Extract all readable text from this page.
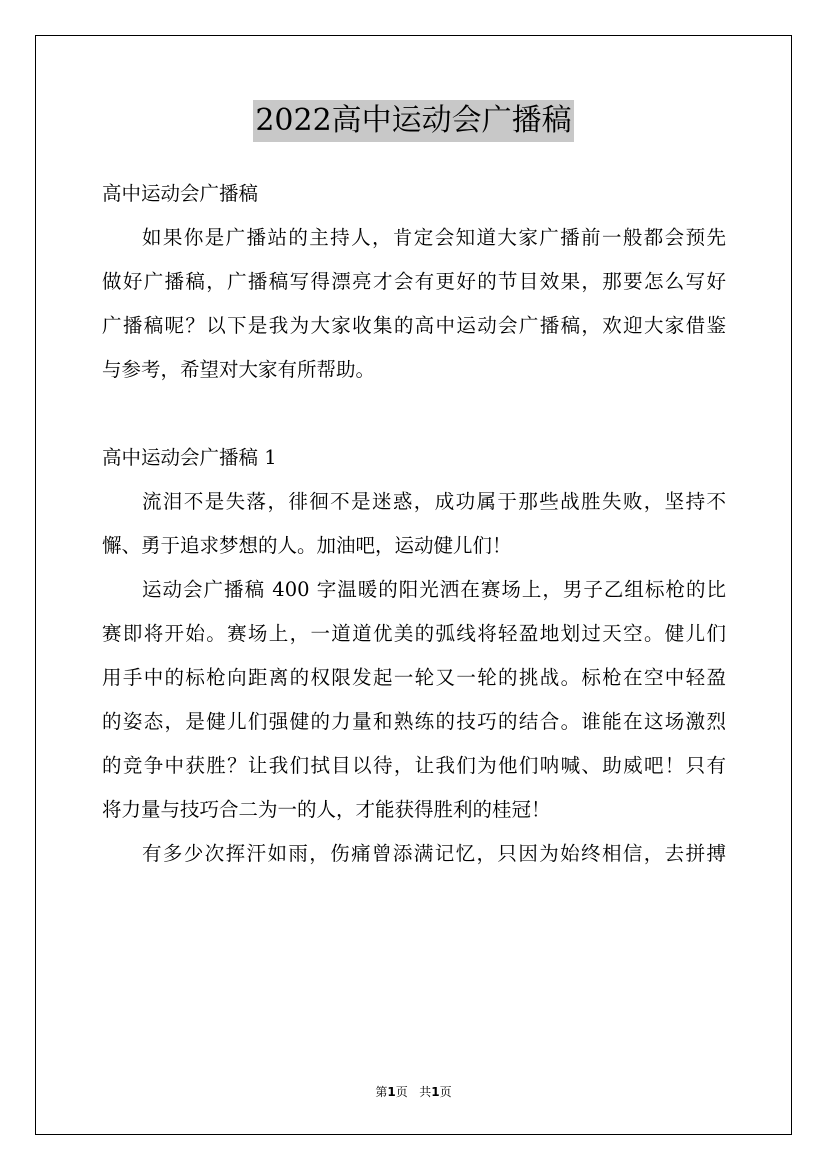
2022高中运动会广播稿
高中运动会广播稿
如果你是广播站的主持人，肯定会知道大家广播前一般都会预先
做好广播稿，广播稿写得漂亮才会有更好的节目效果，那要怎么写好
广播稿呢？以下是我为大家收集的高中运动会广播稿，欢迎大家借鉴
与参考，希望对大家有所帮助。
高中运动会广播稿 1
流泪不是失落，徘徊不是迷惑，成功属于那些战胜失败，坚持不
懈、勇于追求梦想的人。加油吧，运动健儿们！
运动会广播稿 400 字温暖的阳光洒在赛场上，男子乙组标枪的比
赛即将开始。赛场上，一道道优美的弧线将轻盈地划过天空。健儿们
用手中的标枪向距离的权限发起一轮又一轮的挑战。标枪在空中轻盈
的姿态，是健儿们强健的力量和熟练的技巧的结合。谁能在这场激烈
的竞争中获胜？让我们拭目以待，让我们为他们呐喊、助威吧！只有
将力量与技巧合二为一的人，才能获得胜利的桂冠！
有多少次挥汗如雨，伤痛曾添满记忆，只因为始终相信，去拼搏
第1页 共1页
